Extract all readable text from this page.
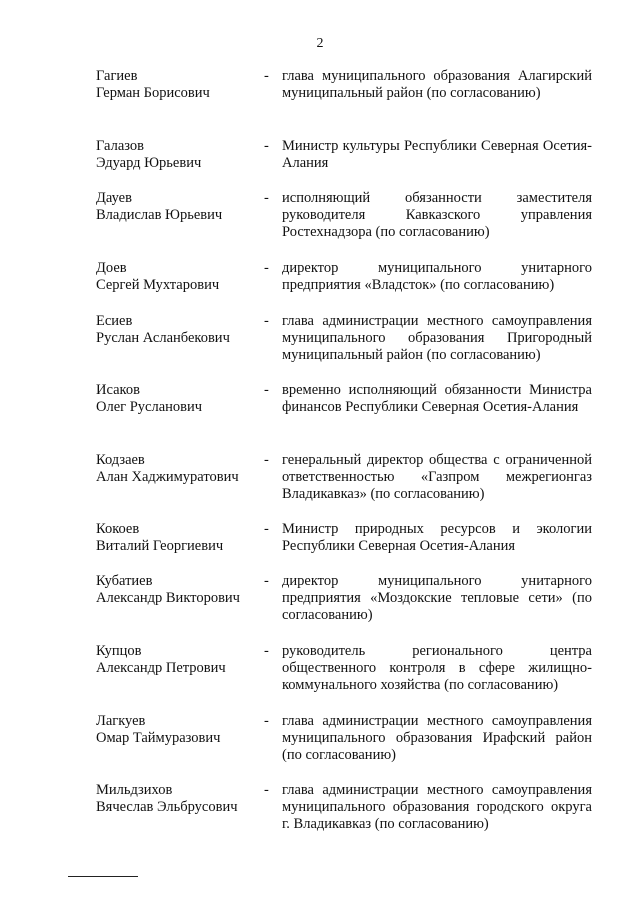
2
Гагиев
Герман Борисович
- глава муниципального образования Алагирский муниципальный район (по согласованию)
Галазов
Эдуард Юрьевич
- Министр культуры Республики Северная Осетия-Алания
Дауев
Владислав Юрьевич
- исполняющий обязанности заместителя руководителя Кавказского управления Ростехнадзора (по согласованию)
Доев
Сергей Мухтарович
- директор муниципального унитарного предприятия «Владсток» (по согласованию)
Есиев
Руслан Асланбекович
- глава администрации местного самоуправления муниципального образования Пригородный муниципальный район (по согласованию)
Исаков
Олег Русланович
- временно исполняющий обязанности Министра финансов Республики Северная Осетия-Алания
Кодзаев
Алан Хаджимуратович
- генеральный директор общества с ограниченной ответственностью «Газпром межрегионгаз Владикавказ» (по согласованию)
Кокоев
Виталий Георгиевич
- Министр природных ресурсов и экологии Республики Северная Осетия-Алания
Кубатиев
Александр Викторович
- директор муниципального унитарного предприятия «Моздокские тепловые сети» (по согласованию)
Купцов
Александр Петрович
- руководитель регионального центра общественного контроля в сфере жилищно-коммунального хозяйства (по согласованию)
Лагкуев
Омар Таймуразович
- глава администрации местного самоуправления муниципального образования Ирафский район (по согласованию)
Мильдзихов
Вячеслав Эльбрусович
- глава администрации местного самоуправления муниципального образования городского округа г. Владикавказ (по согласованию)
